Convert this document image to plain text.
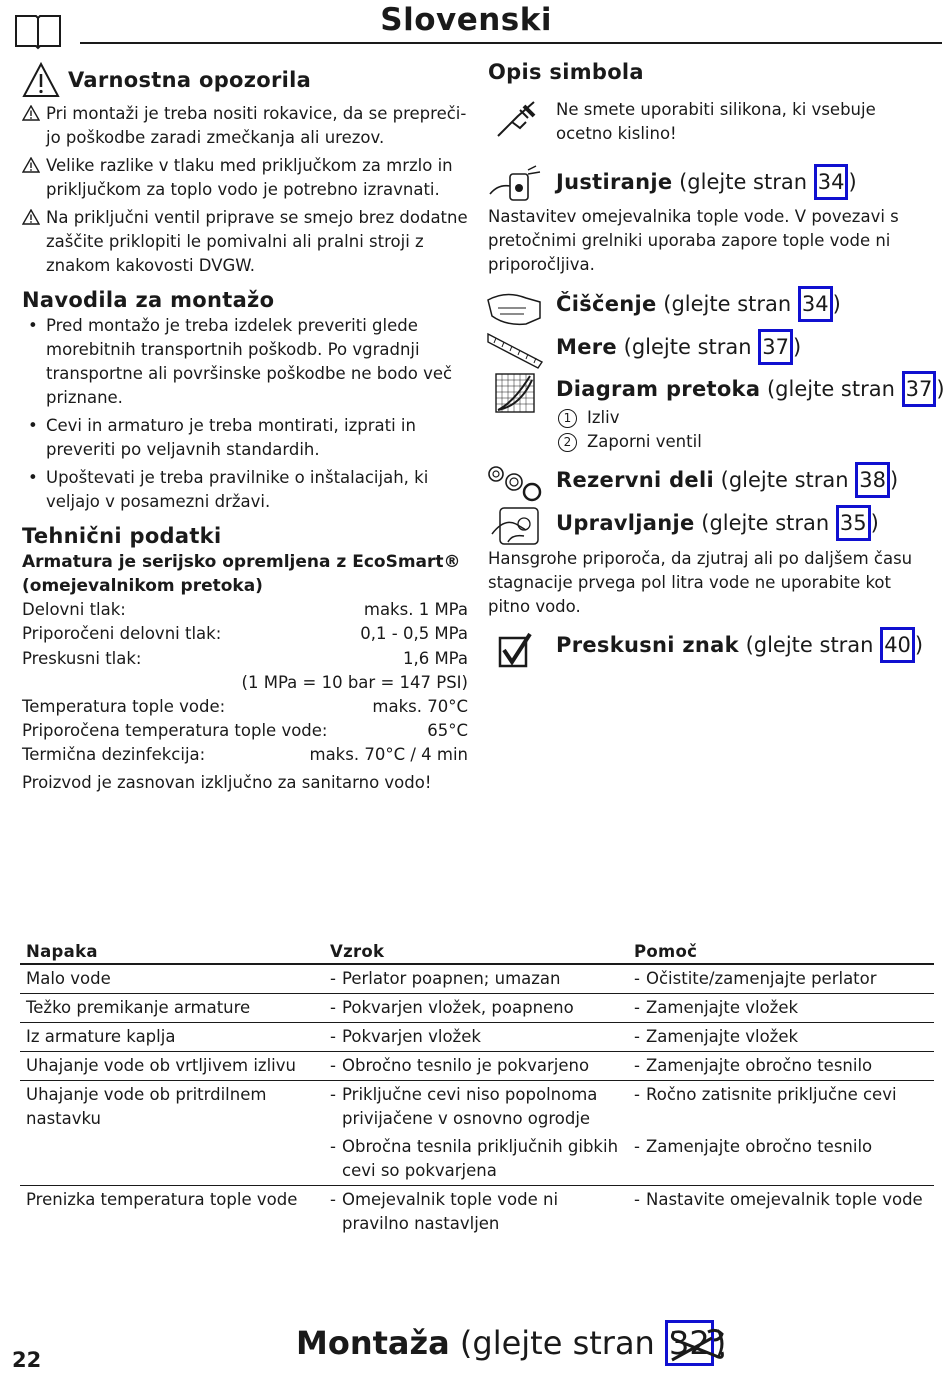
Slovenski
Varnostna opozorila
Pri montaži je treba nositi rokavice, da se preprečijo poškodbe zaradi zmečkanja ali urezov.
Velike razlike v tlaku med priključkom za mrzlo in priključkom za toplo vodo je potrebno izravnati.
Na priključni ventil priprave se smejo brez dodatne zaščite priklopiti le pomivalni ali pralni stroji z znakom kakovosti DVGW.
Navodila za montažo
• Pred montažo je treba izdelek preveriti glede morebitnih transportnih poškodb. Po vgradnji transportne ali površinske poškodbe ne bodo več priznane.
• Cevi in armaturo je treba montirati, izprati in preveriti po veljavnih standardih.
• Upoštevati je treba pravilnike o inštalacijah, ki veljajo v posamezni državi.
Tehnični podatki
Armatura je serijsko opremljena z EcoSmart® (omejevalnikom pretoka)
Delovni tlak:	maks. 1 MPa
Priporočeni delovni tlak:	0,1 - 0,5 MPa
Preskusni tlak:	1,6 MPa
(1 MPa = 10 bar = 147 PSI)
Temperatura tople vode:	maks. 70°C
Priporočena temperatura tople vode:	65°C
Termična dezinfekcija:	maks. 70°C / 4 min
Proizvod je zasnovan izključno za sanitarno vodo!
Opis simbola
Ne smete uporabiti silikona, ki vsebuje ocetno kislino!
Justiranje (glejte stran 34 )
Nastavitev omejevalnika tople vode. V povezavi s pretočnimi grelniki uporaba zapore tople vode ni priporočljiva.
Čiščenje (glejte stran 34 )
Mere (glejte stran 37 )
Diagram pretoka (glejte stran 37 )
1 Izliv
2 Zaporni ventil
Rezervni deli (glejte stran 38 )
Upravljanje (glejte stran 35 )
Hansgrohe priporoča, da zjutraj ali po daljšem času stagnacije prvega pol litra vode ne uporabite kot pitno vodo.
Preskusni znak (glejte stran 40 )
Napaka	Vzrok	Pomoč
Malo vode	- Perlator poapnen; umazan	- Očistite/zamenjajte perlator

Težko premikanje armature	- Pokvarjen vložek, poapneno	- Zamenjajte vložek

Iz armature kaplja	- Pokvarjen vložek	- Zamenjajte vložek

Uhajanje vode ob vrtljivem izlivu	- Obročno tesnilo je pokvarjeno	- Zamenjajte obročno tesnilo

Uhajanje vode ob pritrdilnem nastavku	- Priključne cevi niso popolnoma privijačene v osnovno ogrodje	- Ročno zatisnite priključne cevi

	- Obročna tesnila priključnih gibkih cevi so pokvarjena	- Zamenjajte obročno tesnilo

Prenizka temperatura tople vode	- Omejevalnik tople vode ni pravilno nastavljen	- Nastavite omejevalnik tople vode
22	Montaža (glejte stran 32 )
